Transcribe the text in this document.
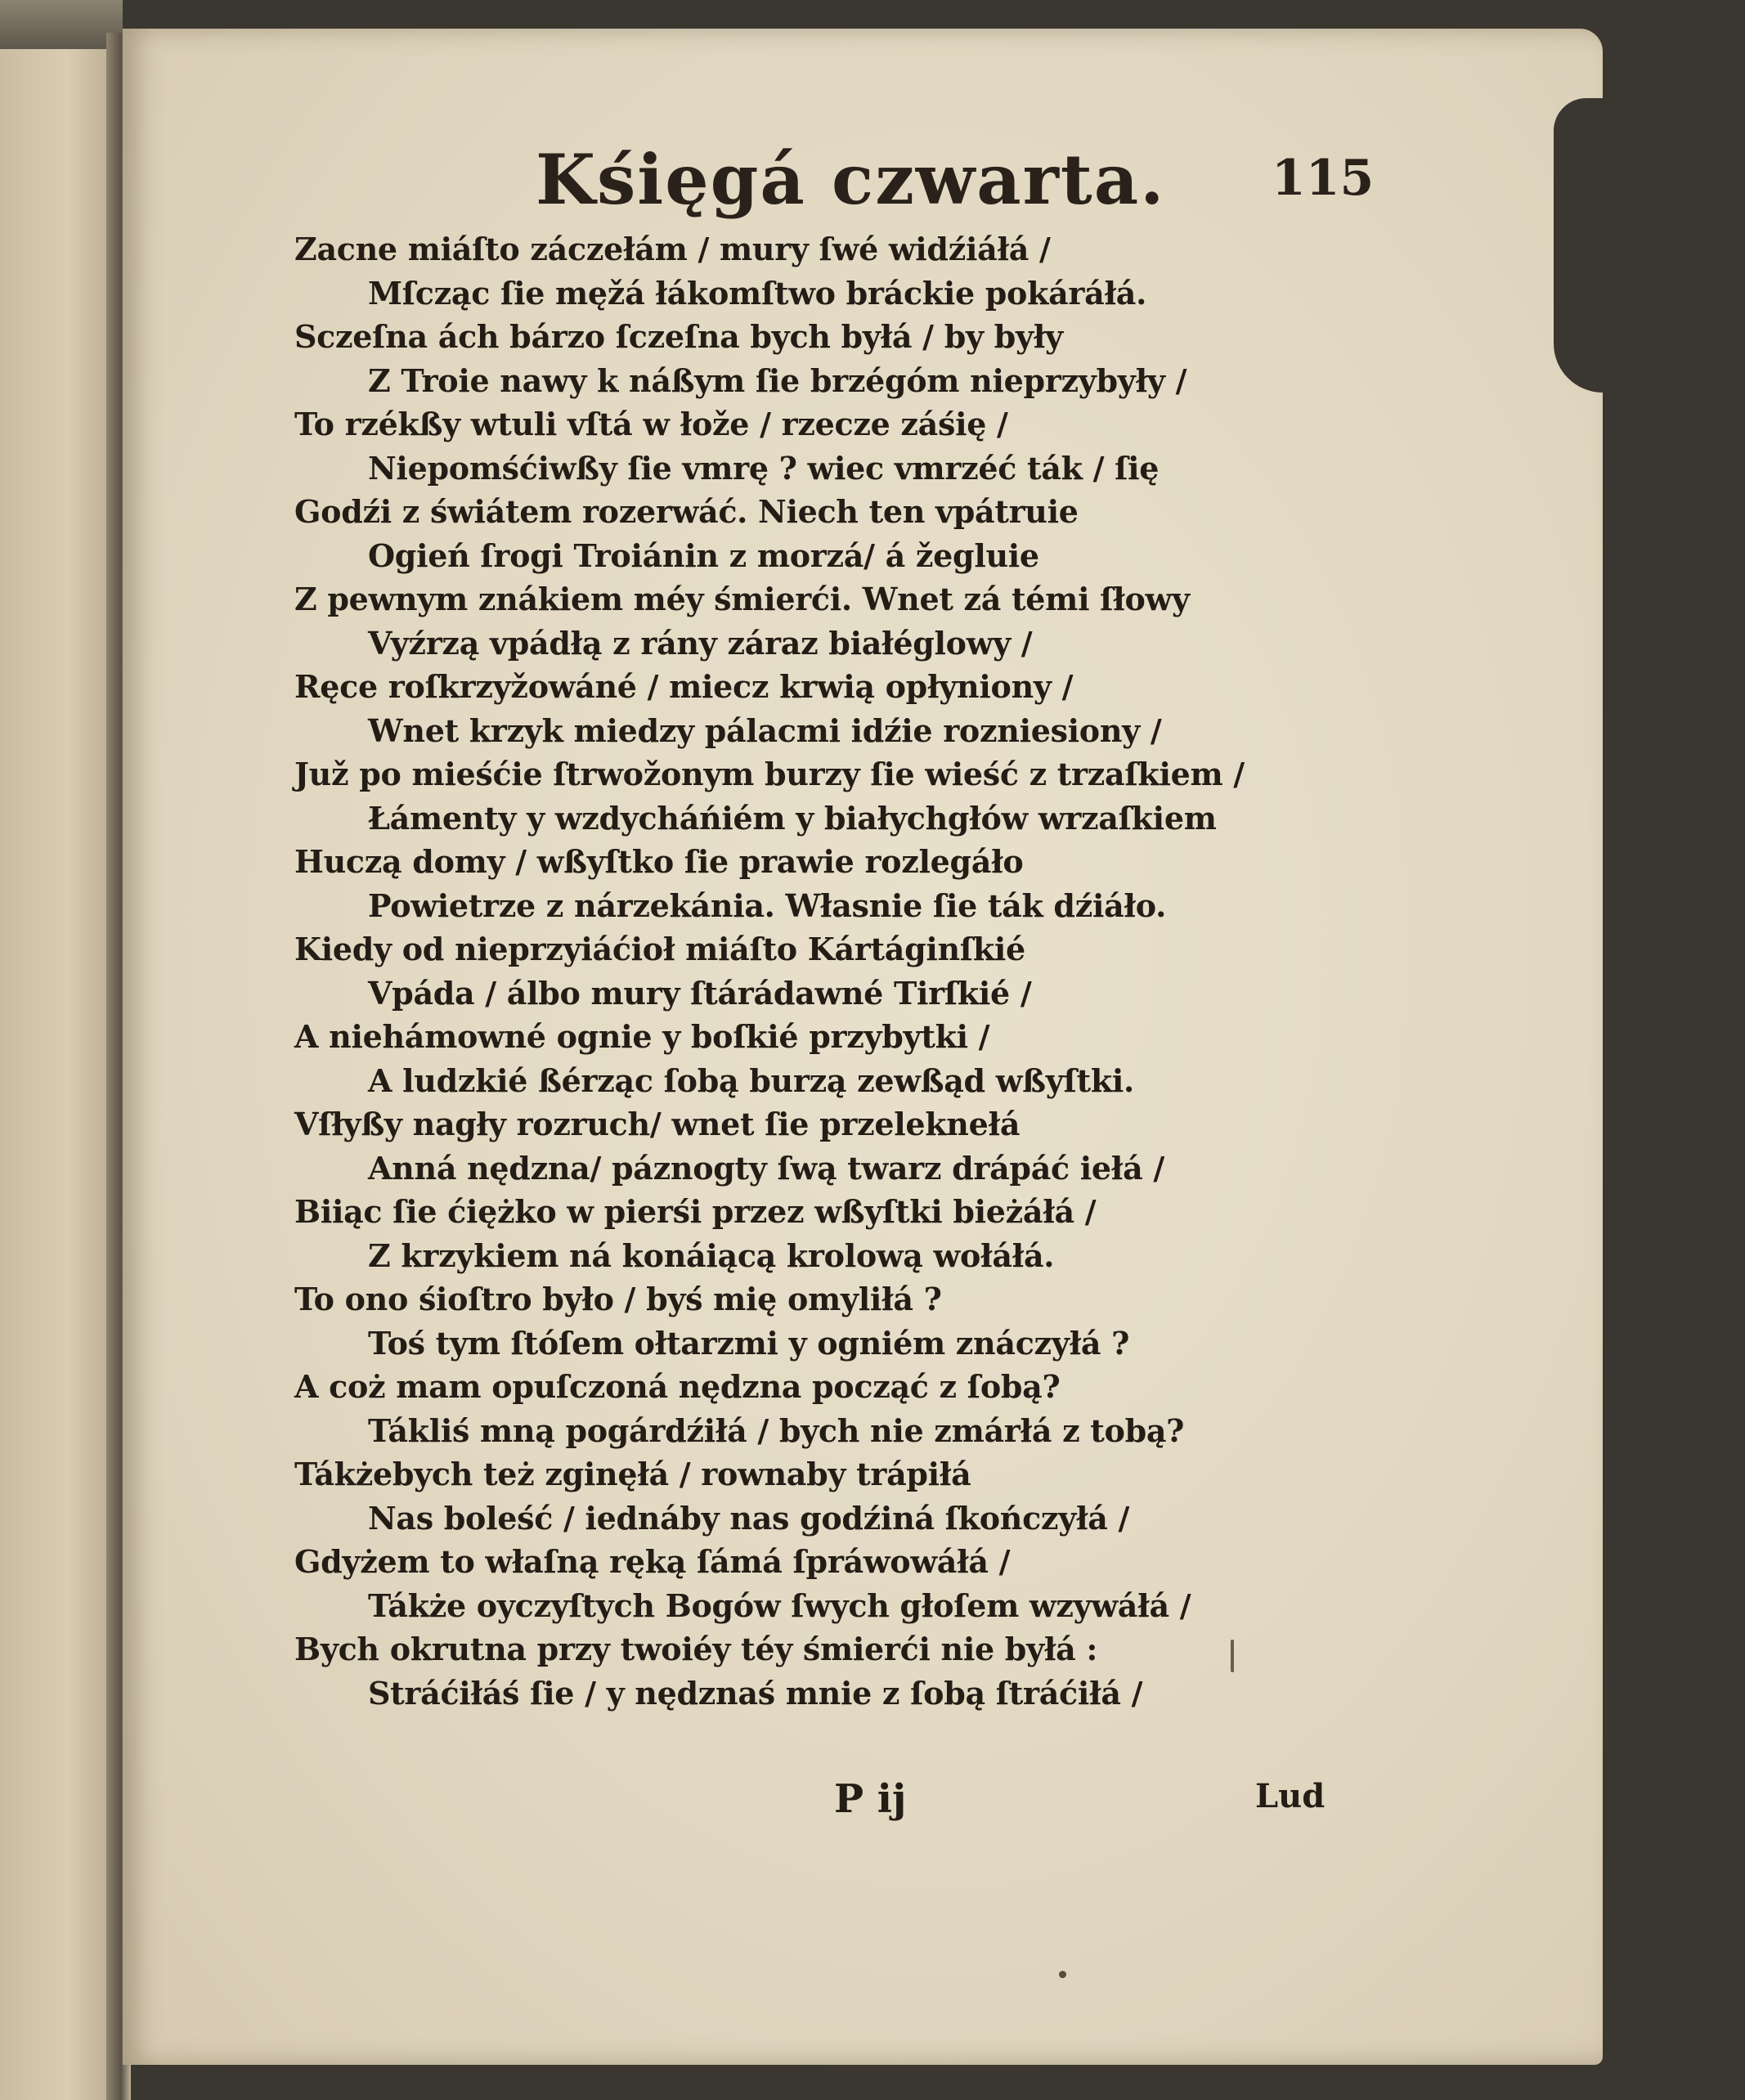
Kśięgá czwarta. 115
Zacne miáſto záczełám / mury ſwé widźiáłá /
Mſcząc ſie męžá łákomſtwo bráckie pokáráłá.
Sczeſna ách bárzo ſczeſna bych byłá / by były
Z Troie nawy k náßym ſie brzégóm nieprzybyły /
To rzékßy wtuli vſtá w łože / rzecze záśię /
Niepomśćiwßy ſie vmrę ? wiec vmrzéć ták / ſię
Godźi z świátem rozerwáć. Niech ten vpátruie
Ogień ſrogi Troiánin z morzá/ á žegluie
Z pewnym znákiem méy śmierći. Wnet zá témi ſłowy
Vyźrzą vpádłą z rány záraz białéglowy /
Ręce roſkrzyžowáné / miecz krwią opłyniony /
Wnet krzyk miedzy pálacmi idźie rozniesiony /
Juž po mieśćie ſtrwožonym burzy ſie wieść z trzaſkiem /
Łámenty y wzdycháńiém y białychgłów wrzaſkiem
Huczą domy / wßyſtko ſie prawie rozlegáło
Powietrze z nárzekánia. Własnie ſie ták dźiáło.
Kiedy od nieprzyiáćioł miáſto Kártáginſkié
Vpáda / álbo mury ſtárádawné Tirſkié /
A niehámowné ognie y boſkié przybytki /
A ludzkié ßérząc ſobą burzą zewßąd wßyſtki.
Vſłyßy nagły rozruch/ wnet ſie przeleknełá
Anná nędzna/ páznogty ſwą twarz drápáć iełá /
Biiąc ſie ćiężko w pierśi przez wßyſtki bieżáłá /
Z krzykiem ná konáiącą krolową wołáłá.
To ono śioſtro było / byś mię omyliłá ?
Toś tym ſtóſem ołtarzmi y ogniém znáczyłá ?
A coż mam opuſczoná nędzna począć z ſobą?
Tákliś mną pogárdźiłá / bych nie zmárłá z tobą?
Tákżebych też zginęłá / rownaby trápiłá
Nas boleść / iednáby nas godźiná ſkończyłá /
Gdyżem to właſną ręką ſámá ſpráwowáłá /
Tákże oyczyſtych Bogów ſwych głoſem wzywáłá /
Bych okrutna przy twoiéy téy śmierći nie byłá :
Stráćiłáś ſie / y nędznaś mnie z ſobą ſtráćiłá /
P ij	Lud
